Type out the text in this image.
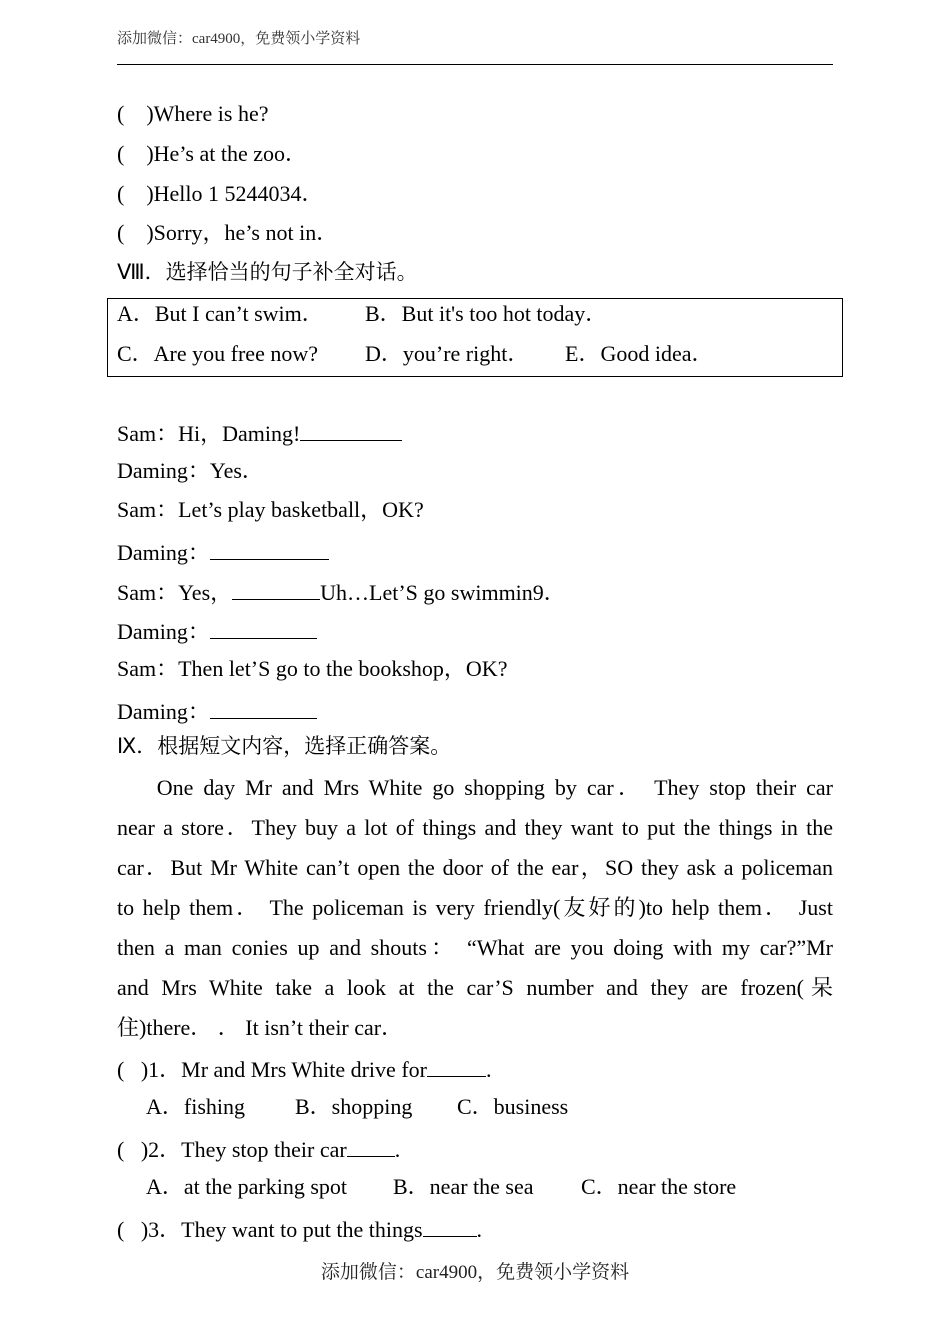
添加微信：car4900，免费领小学资料
(    )Where is he?
(    )He’s at the zoo．
(    )Hello 1 5244034．
(    )Sorry，he’s not in．
Ⅷ．选择恰当的句子补全对话。
A．But I can’t swim． B．But it's too hot today．
C．Are you free now? D．you’re right． E．Good idea．
Sam：Hi，Daming!
Daming：Yes．
Sam：Let’s play basketball，OK?
Daming：
Sam：Yes，	Uh…Let’S go swimmin9．
Daming：
Sam：Then let’S go to the bookshop，OK?
Daming：
Ⅸ．根据短文内容，选择正确答案。
One day Mr and Mrs White go shopping by car． They stop their car
near a store．They buy a lot of things and they want to put the things in the
car．But Mr White can’t open the door of the ear，SO they ask a policeman
to help them． The policeman is very friendly(友好的)to help them． Just
then a man conies up and shouts： “What are you doing with my car?”Mr
and Mrs White take a look at the car’S number and they are frozen(呆
住)there． ． It isn’t their car．
(   )1．Mr and Mrs White drive for	.
A．fishing B．shopping C．business
(   )2．They stop their car .
A．at the parking spot B．near the sea C．near the store
(   )3．They want to put the things .
添加微信：car4900，免费领小学资料
